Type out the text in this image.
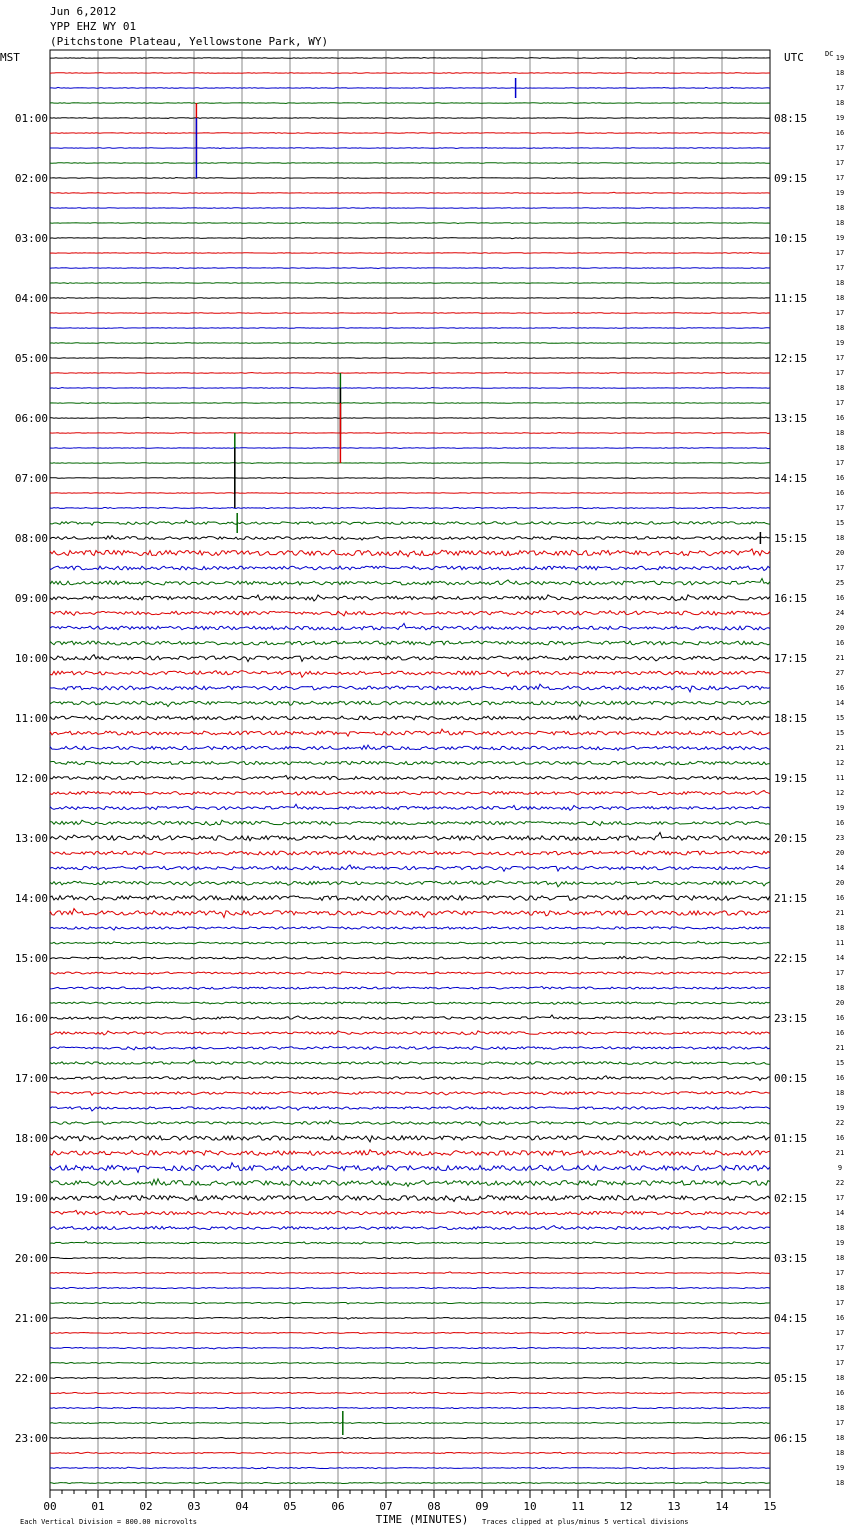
Jun 6,2012
YPP EHZ WY 01
(Pitchstone Plateau, Yellowstone Park, WY)
19
18
17
18
19
16
17
17
17
19
18
18
19
17
17
18
18
17
18
19
17
17
18
17
16
18
18
17
16
16
17
15
18
20
17
25
16
24
20
16
21
27
16
14
15
15
21
12
11
12
19
16
23
20
14
20
16
21
18
11
14
17
18
20
16
16
21
15
16
18
19
22
16
21
9
22
17
14
18
19
18
17
18
17
16
17
17
17
18
16
18
17
18
18
19
18
01:00
02:00
03:00
04:00
05:00
06:00
07:00
08:00
09:00
10:00
11:00
12:00
13:00
14:00
15:00
16:00
17:00
18:00
19:00
20:00
21:00
22:00
23:00
08:15
09:15
10:15
11:15
12:15
13:15
14:15
15:15
16:15
17:15
18:15
19:15
20:15
21:15
22:15
23:15
00:15
01:15
02:15
03:15
04:15
05:15
06:15
MST	UTC	DC
00	01	02	03	04	05	06	07	08	09	10	11	12	13	14	15
TIME (MINUTES)
Each Vertical Division = 800.00 microvolts	Traces clipped at plus/minus 5 vertical divisions
